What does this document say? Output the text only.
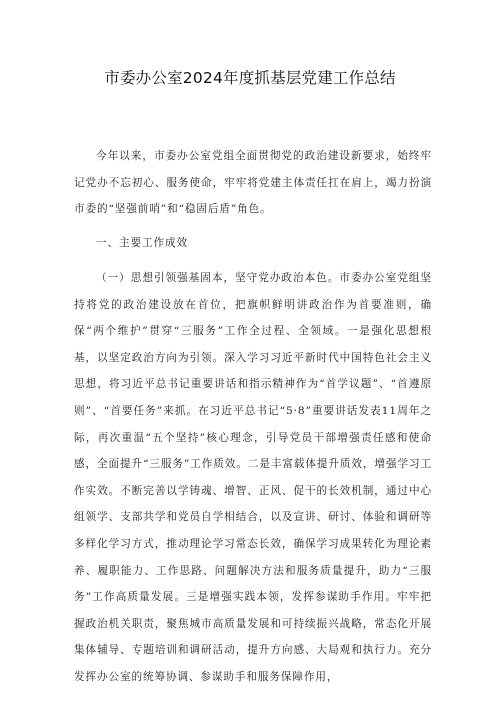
市委办公室2024年度抓基层党建工作总结

今年以来，市委办公室党组全面贯彻党的政治建设新要求，始终牢记党办不忘初心、服务使命，牢牢将党建主体责任扛在肩上，竭力扮演市委的“坚强前哨”和“稳固后盾”角色。

一、主要工作成效

（一）思想引领强基固本，坚守党办政治本色。市委办公室党组坚持将党的政治建设放在首位，把旗帜鲜明讲政治作为首要准则，确保“两个维护”贯穿“三服务”工作全过程、全领域。一是强化思想根基，以坚定政治方向为引领。深入学习习近平新时代中国特色社会主义思想，将习近平总书记重要讲话和指示精神作为“首学议题”、“首遵原则”、“首要任务”来抓。在习近平总书记“5·8”重要讲话发表11周年之际，再次重温“五个坚持”核心理念，引导党员干部增强责任感和使命感，全面提升“三服务”工作质效。二是丰富载体提升质效，增强学习工作实效。不断完善以学铸魂、增智、正风、促干的长效机制，通过中心组领学、支部共学和党员自学相结合，以及宣讲、研讨、体验和调研等多样化学习方式，推动理论学习常态长效，确保学习成果转化为理论素养、履职能力、工作思路、问题解决方法和服务质量提升，助力“三服务”工作高质量发展。三是增强实践本领，发挥参谋助手作用。牢牢把握政治机关职责，聚焦城市高质量发展和可持续振兴战略，常态化开展集体辅导、专题培训和调研活动，提升方向感、大局观和执行力。充分发挥办公室的统筹协调、参谋助手和服务保障作用，
